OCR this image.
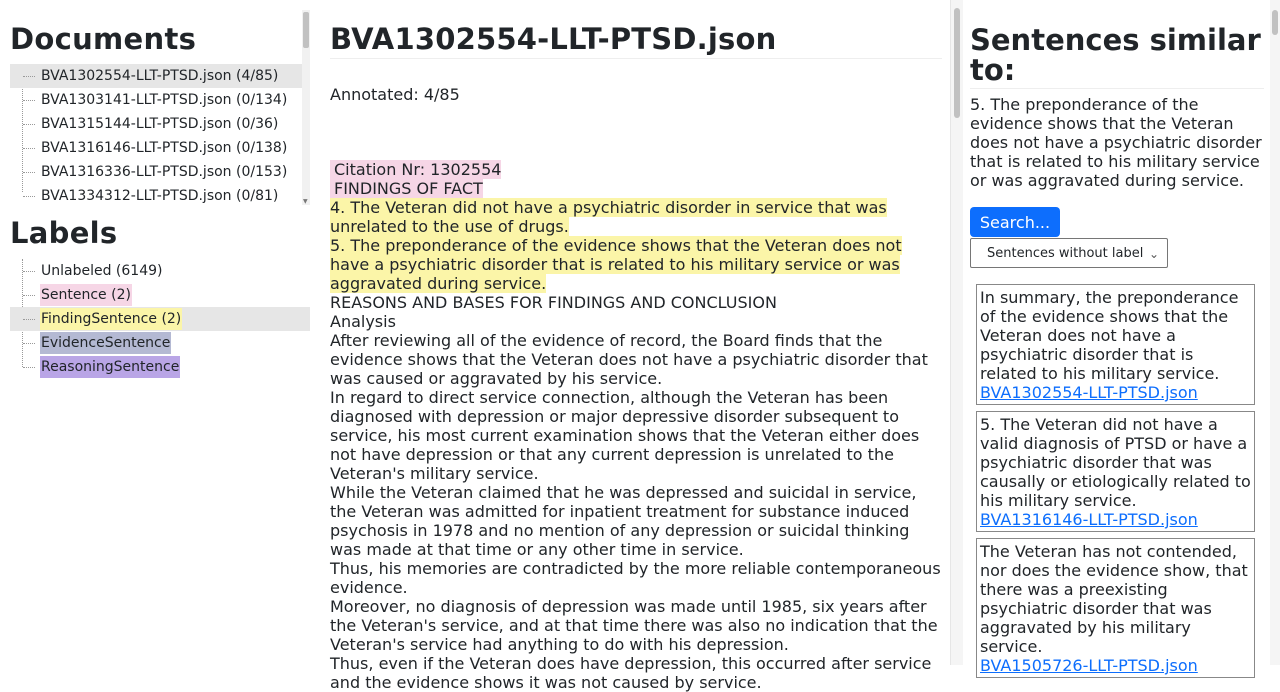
Documents
BVA1302554-LLT-PTSD.json (4/85)
BVA1303141-LLT-PTSD.json (0/134)
BVA1315144-LLT-PTSD.json (0/36)
BVA1316146-LLT-PTSD.json (0/138)
BVA1316336-LLT-PTSD.json (0/153)
BVA1334312-LLT-PTSD.json (0/81)	▼
Labels
Unlabeled (6149)
Sentence (2)
FindingSentence (2)
EvidenceSentence
ReasoningSentence
BVA1302554-LLT-PTSD.json
Annotated: 4/85
Citation Nr: 1302554
FINDINGS OF FACT
4. The Veteran did not have a psychiatric disorder in service that was unrelated to the use of drugs.
5. The preponderance of the evidence shows that the Veteran does not have a psychiatric disorder that is related to his military service or was aggravated during service.
REASONS AND BASES FOR FINDINGS AND CONCLUSION
Analysis
After reviewing all of the evidence of record, the Board finds that the evidence shows that the Veteran does not have a psychiatric disorder that was caused or aggravated by his service.
In regard to direct service connection, although the Veteran has been diagnosed with depression or major depressive disorder subsequent to service, his most current examination shows that the Veteran either does not have depression or that any current depression is unrelated to the Veteran's military service.
While the Veteran claimed that he was depressed and suicidal in service, the Veteran was admitted for inpatient treatment for substance induced psychosis in 1978 and no mention of any depression or suicidal thinking was made at that time or any other time in service.
Thus, his memories are contradicted by the more reliable contemporaneous evidence.
Moreover, no diagnosis of depression was made until 1985, six years after the Veteran's service, and at that time there was also no indication that the Veteran's service had anything to do with his depression.
Thus, even if the Veteran does have depression, this occurred after service and the evidence shows it was not caused by service.
Sentences similar to:
5. The preponderance of the evidence shows that the Veteran does not have a psychiatric disorder that is related to his military service or was aggravated during service.
Search...
Sentences without label ⌄
In summary, the preponderance of the evidence shows that the Veteran does not have a psychiatric disorder that is related to his military service.
BVA1302554-LLT-PTSD.json
5. The Veteran did not have a valid diagnosis of PTSD or have a psychiatric disorder that was causally or etiologically related to his military service.
BVA1316146-LLT-PTSD.json
The Veteran has not contended, nor does the evidence show, that there was a preexisting psychiatric disorder that was aggravated by his military service.
BVA1505726-LLT-PTSD.json
